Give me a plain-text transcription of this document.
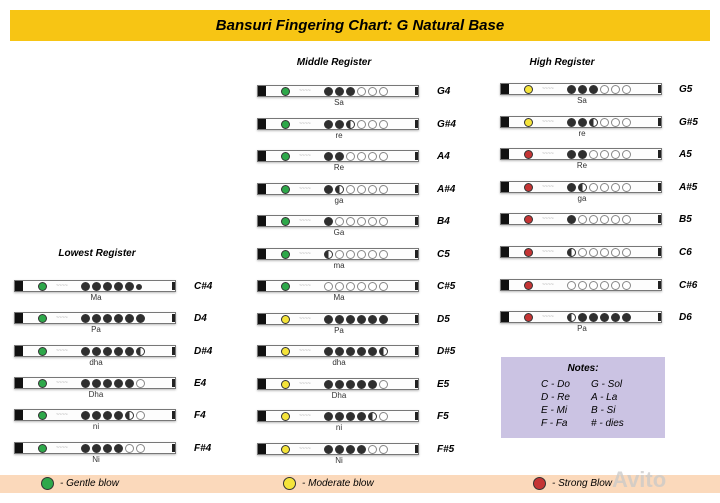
Bansuri Fingering Chart: G Natural Base
Lowest Register
~~~~
Ma
C#4
~~~~
Pa
D4
~~~~
dha
D#4
~~~~
Dha
E4
~~~~
ni
F4
~~~~
Ni
F#4
Middle Register
~~~~
Sa
G4
~~~~
re
G#4
~~~~
Re
A4
~~~~
ga
A#4
~~~~
Ga
B4
~~~~
ma
C5
~~~~
Ma
C#5
~~~~
Pa
D5
~~~~
dha
D#5
~~~~
Dha
E5
~~~~
ni
F5
~~~~
Ni
F#5
High Register
~~~~
Sa
G5
~~~~
re
G#5
~~~~
Re
A5
~~~~
ga
A#5
~~~~	B5
~~~~	C6
~~~~	C#6
~~~~
Pa
D6
Notes:
C - Do	G - Sol
D - Re	A - La
E - Mi	B - Si
F - Fa	# - dies
- Gentle blow	- Moderate blow	- Strong Blow Avito
